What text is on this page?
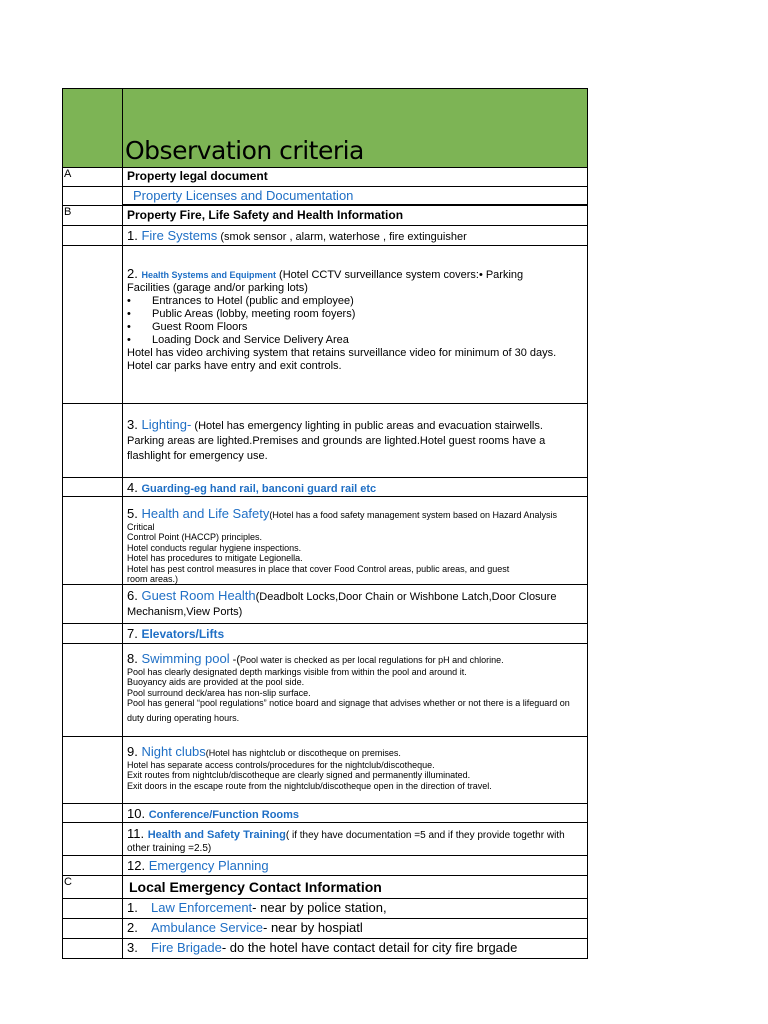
Observation criteria
A	Property legal document
Property Licenses and Documentation
B	Property Fire, Life Safety and Health Information
1. Fire Systems (smok sensor , alarm, waterhose , fire extinguisher
2. Health Systems and Equipment (Hotel CCTV surveillance system covers:• Parking
Facilities (garage and/or parking lots)
•	Entrances to Hotel (public and employee)
•	Public Areas (lobby, meeting room foyers)
•	Guest Room Floors
•	Loading Dock and Service Delivery Area
Hotel has video archiving system that retains surveillance video for minimum of 30 days.
Hotel car parks have entry and exit controls.
3. Lighting- (Hotel has emergency lighting in public areas and evacuation stairwells.
Parking areas are lighted.Premises and grounds are lighted.Hotel guest rooms have a
flashlight for emergency use.
4. Guarding-eg hand rail, banconi guard rail etc
5. Health and Life Safety(Hotel has a food safety management system based on Hazard Analysis Critical
Control Point (HACCP) principles.
Hotel conducts regular hygiene inspections.
Hotel has procedures to mitigate Legionella.
Hotel has pest control measures in place that cover Food Control areas, public areas, and guest
room areas.)
6. Guest Room Health(Deadbolt Locks,Door Chain or Wishbone Latch,Door Closure
Mechanism,View Ports)
7. Elevators/Lifts
8. Swimming pool -(Pool water is checked as per local regulations for pH and chlorine.
Pool has clearly designated depth markings visible from within the pool and around it.
Buoyancy aids are provided at the pool side.
Pool surround deck/area has non-slip surface.
Pool has general “pool regulations” notice board and signage that advises whether or not there is a lifeguard on
duty during operating hours.
9. Night clubs(Hotel has nightclub or discotheque on premises.
Hotel has separate access controls/procedures for the nightclub/discotheque.
Exit routes from nightclub/discotheque are clearly signed and permanently illuminated.
Exit doors in the escape route from the nightclub/discotheque open in the direction of travel.
10. Conference/Function Rooms
11. Health and Safety Training( if they have documentation =5 and if they provide togethr with
other training =2.5)
12. Emergency Planning
C	Local Emergency Contact Information
1.	Law Enforcement - near by police station,
2.	Ambulance Service - near by hospiatl
3.	Fire Brigade - do the hotel have contact detail for city fire brgade
